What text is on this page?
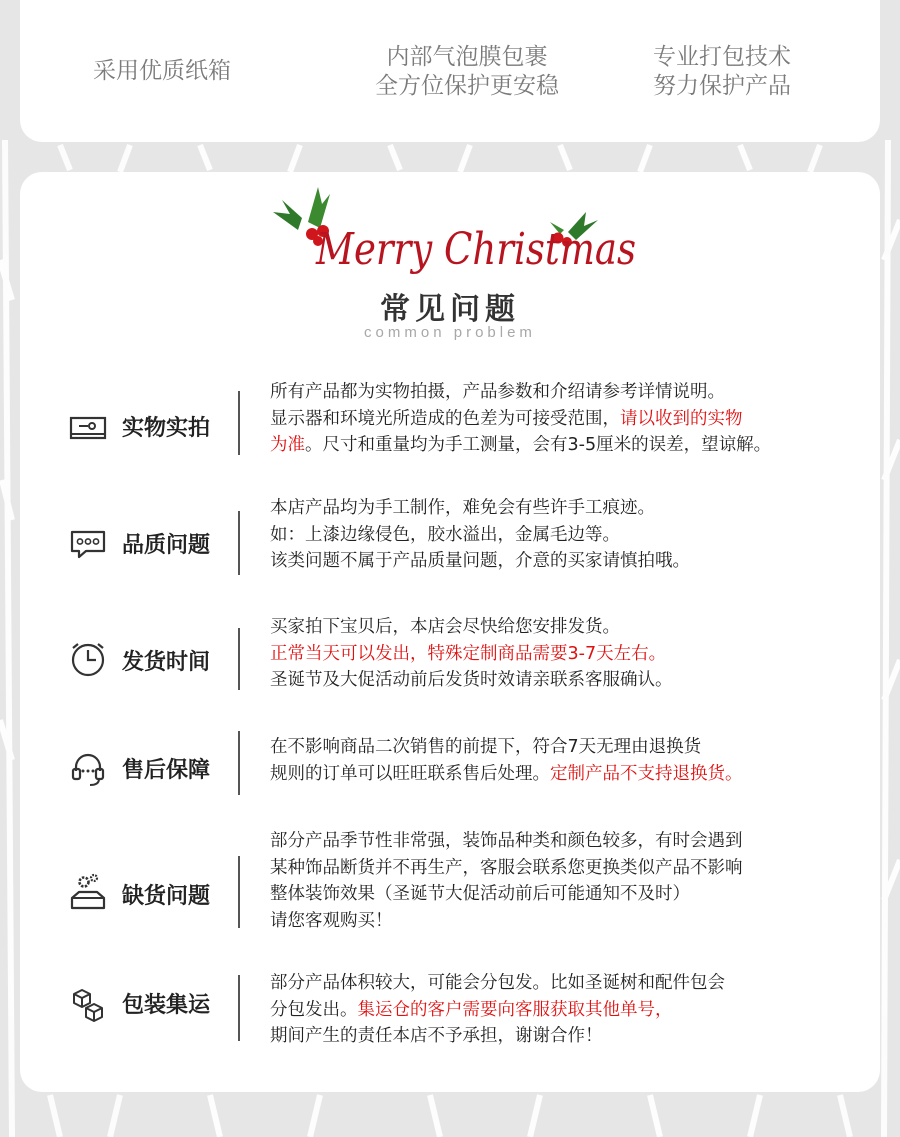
采用优质纸箱
内部气泡膜包裹
全方位保护更安稳
专业打包技术
努力保护产品
Merry Christmas
常见问题
common problem
实物实拍
所有产品都为实物拍摄，产品参数和介绍请参考详情说明。
显示器和环境光所造成的色差为可接受范围，请以收到的实物
为准。尺寸和重量均为手工测量，会有3-5厘米的误差，望谅解。
品质问题
本店产品均为手工制作，难免会有些许手工痕迹。
如：上漆边缘侵色，胶水溢出，金属毛边等。
该类问题不属于产品质量问题，介意的买家请慎拍哦。
发货时间
买家拍下宝贝后，本店会尽快给您安排发货。
正常当天可以发出，特殊定制商品需要3-7天左右。
圣诞节及大促活动前后发货时效请亲联系客服确认。
售后保障
在不影响商品二次销售的前提下，符合7天无理由退换货
规则的订单可以旺旺联系售后处理。定制产品不支持退换货。
缺货问题
部分产品季节性非常强，装饰品种类和颜色较多，有时会遇到
某种饰品断货并不再生产，客服会联系您更换类似产品不影响
整体装饰效果（圣诞节大促活动前后可能通知不及时）
请您客观购买！
包装集运
部分产品体积较大，可能会分包发。比如圣诞树和配件包会
分包发出。集运仓的客户需要向客服获取其他单号，
期间产生的责任本店不予承担，谢谢合作！
